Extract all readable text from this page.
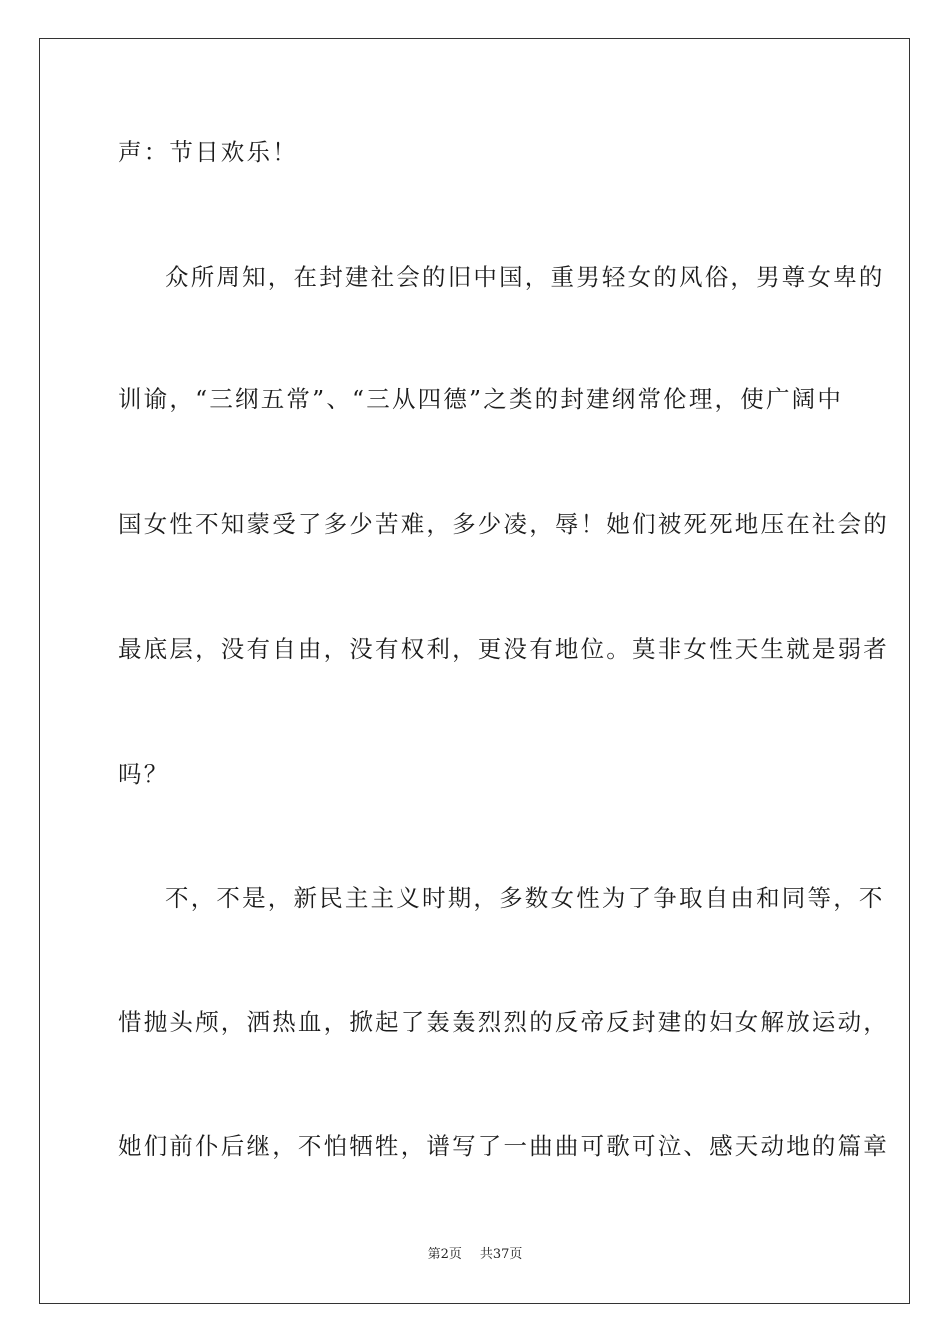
声：节日欢乐！
众所周知，在封建社会的旧中国，重男轻女的风俗，男尊女卑的
训谕，“三纲五常”、“三从四德”之类的封建纲常伦理，使广阔中
国女性不知蒙受了多少苦难，多少凌，辱！她们被死死地压在社会的
最底层，没有自由，没有权利，更没有地位。莫非女性天生就是弱者
吗？
不，不是，新民主主义时期，多数女性为了争取自由和同等，不
惜抛头颅，洒热血，掀起了轰轰烈烈的反帝反封建的妇女解放运动，
她们前仆后继，不怕牺牲，谱写了一曲曲可歌可泣、感天动地的篇章
第2页 共37页
